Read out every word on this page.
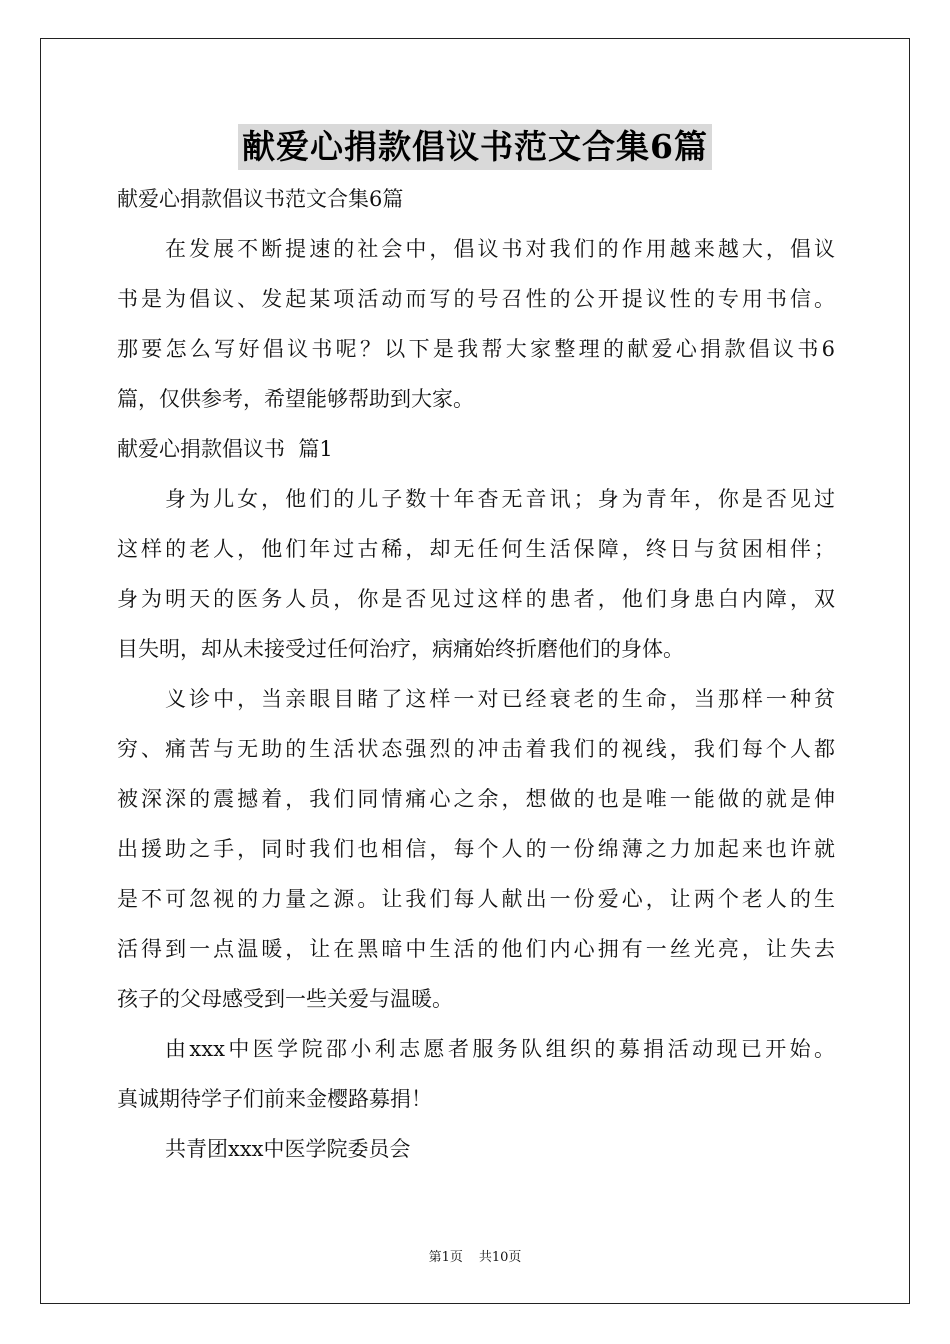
献爱心捐款倡议书范文合集6篇
献爱心捐款倡议书范文合集6篇
在发展不断提速的社会中，倡议书对我们的作用越来越大，倡议
书是为倡议、发起某项活动而写的号召性的公开提议性的专用书信。
那要怎么写好倡议书呢？以下是我帮大家整理的献爱心捐款倡议书6
篇，仅供参考，希望能够帮助到大家。
献爱心捐款倡议书  篇1
身为儿女，他们的儿子数十年杳无音讯；身为青年，你是否见过
这样的老人，他们年过古稀，却无任何生活保障，终日与贫困相伴；
身为明天的医务人员，你是否见过这样的患者，他们身患白内障，双
目失明，却从未接受过任何治疗，病痛始终折磨他们的身体。
义诊中，当亲眼目睹了这样一对已经衰老的生命，当那样一种贫
穷、痛苦与无助的生活状态强烈的冲击着我们的视线，我们每个人都
被深深的震撼着，我们同情痛心之余，想做的也是唯一能做的就是伸
出援助之手，同时我们也相信，每个人的一份绵薄之力加起来也许就
是不可忽视的力量之源。让我们每人献出一份爱心，让两个老人的生
活得到一点温暖，让在黑暗中生活的他们内心拥有一丝光亮，让失去
孩子的父母感受到一些关爱与温暖。
由xxx中医学院邵小利志愿者服务队组织的募捐活动现已开始。
真诚期待学子们前来金樱路募捐！
共青团xxx中医学院委员会
第1页 共10页
